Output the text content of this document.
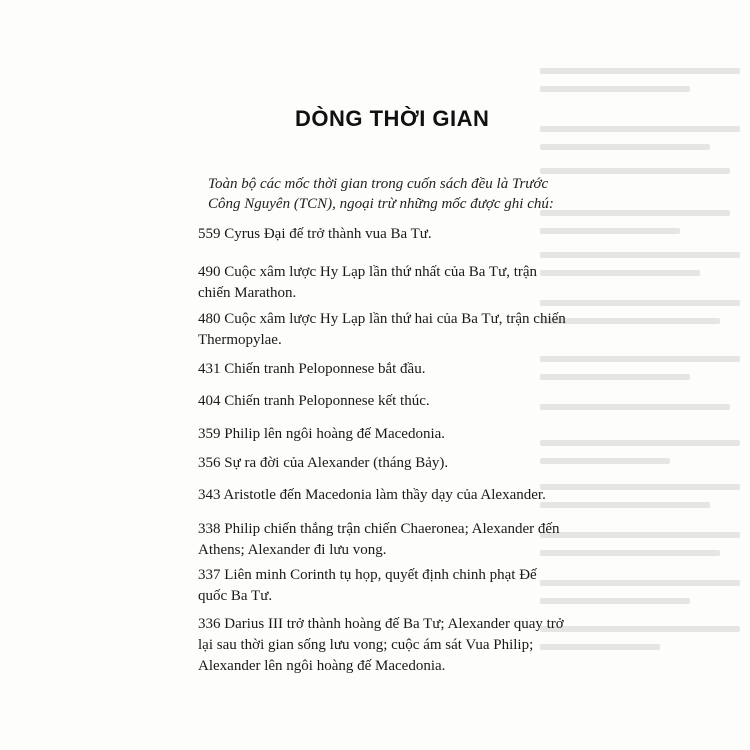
DÒNG THỜI GIAN
Toàn bộ các mốc thời gian trong cuốn sách đều là Trước Công Nguyên (TCN), ngoại trừ những mốc được ghi chú:
559 Cyrus Đại đế trở thành vua Ba Tư.
490 Cuộc xâm lược Hy Lạp lần thứ nhất của Ba Tư, trận chiến Marathon.
480 Cuộc xâm lược Hy Lạp lần thứ hai của Ba Tư, trận chiến Thermopylae.
431 Chiến tranh Peloponnese bắt đầu.
404 Chiến tranh Peloponnese kết thúc.
359 Philip lên ngôi hoàng đế Macedonia.
356 Sự ra đời của Alexander (tháng Bảy).
343 Aristotle đến Macedonia làm thầy dạy của Alexander.
338 Philip chiến thắng trận chiến Chaeronea; Alexander đến Athens; Alexander đi lưu vong.
337 Liên minh Corinth tụ họp, quyết định chinh phạt Đế quốc Ba Tư.
336 Darius III trở thành hoàng đế Ba Tư; Alexander quay trở lại sau thời gian sống lưu vong; cuộc ám sát Vua Philip; Alexander lên ngôi hoàng đế Macedonia.
